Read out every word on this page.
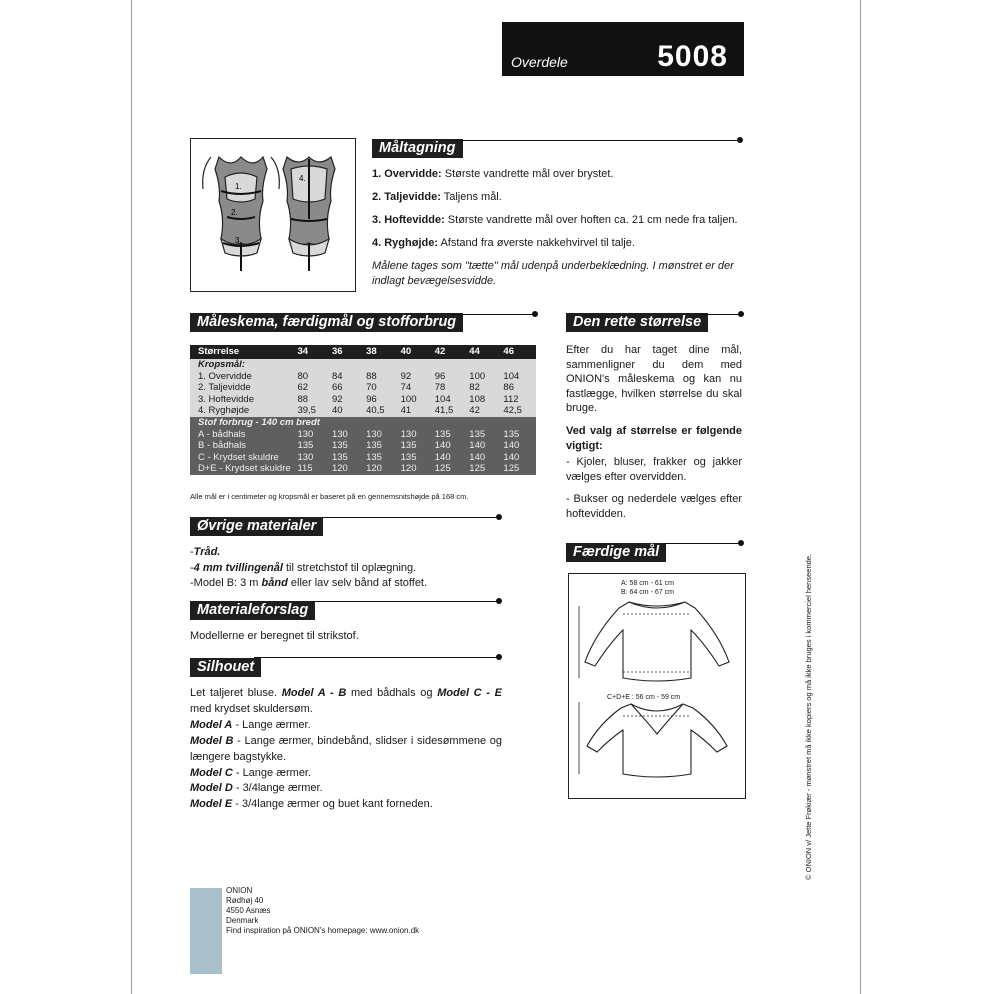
Overdele	5008
1.
2.
3.
4.
Måltagning

1. Overvidde: Største vandrette mål over brystet.

2. Taljevidde: Taljens mål.

3. Hoftevidde: Største vandrette mål over hoften ca. 21 cm nede fra taljen.

4. Ryghøjde: Afstand fra øverste nakkehvirvel til talje.

Målene tages som "tætte" mål udenpå underbeklædning. I mønstret er der indlagt bevægelsesvidde.

Måleskema, færdigmål og stofforbrug
Størrelse	34	36	38	40	42	44	46
Kropsmål:							
1. Overvidde	80	84	88	92	96	100	104
2. Taljevidde	62	66	70	74	78	82	86
3. Hoftevidde	88	92	96	100	104	108	112
4. Ryghøjde	39,5	40	40,5	41	41,5	42	42,5
Stof forbrug - 140 cm bredt							
A - bådhals	130	130	130	130	135	135	135
B - bådhals	135	135	135	135	140	140	140
C - Krydset skuldre	130	135	135	135	140	140	140
D+E - Krydset skuldre	115	120	120	120	125	125	125
Alle mål er i centimeter og kropsmål er baseret på en gennemsnitshøjde på 168 cm.
Den rette størrelse

Efter du har taget dine mål, sammenligner du dem med ONION's måleskema og kan nu fastlægge, hvilken størrelse du skal bruge.

Ved valg af størrelse er følgende vigtigt:

- Kjoler, bluser, frakker og jakker vælges efter overvidden.

- Bukser og nederdele vælges efter hoftevidden.

Færdige mål
A: 58 cm - 61 cm
B: 64 cm - 67 cm
C+D+E : 56 cm - 59 cm
Øvrige materialer
-Tråd.
-4 mm tvillingenål til stretchstof til oplægning.
-Model B: 3 m bånd eller lav selv bånd af stoffet.
Materialeforslag
Modellerne er beregnet til strikstof.
Silhouet
Let taljeret bluse. Model A - B med bådhals og Model C - E med krydset skuldersøm.
Model A - Lange ærmer.
Model B - Lange ærmer, bindebånd, slidser i sidesømmene og længere bagstykke.
Model C - Lange ærmer.
Model D - 3/4lange ærmer.
Model E - 3/4lange ærmer og buet kant forneden.
ONION
Rødhøj 40
4550 Asnæs
Denmark
Find inspiration på ONION's homepage: www.onion.dk
© ONION v/ Jette Frøkiær - mønstret må ikke kopiers og må ikke bruges i kommerciel henseende.
